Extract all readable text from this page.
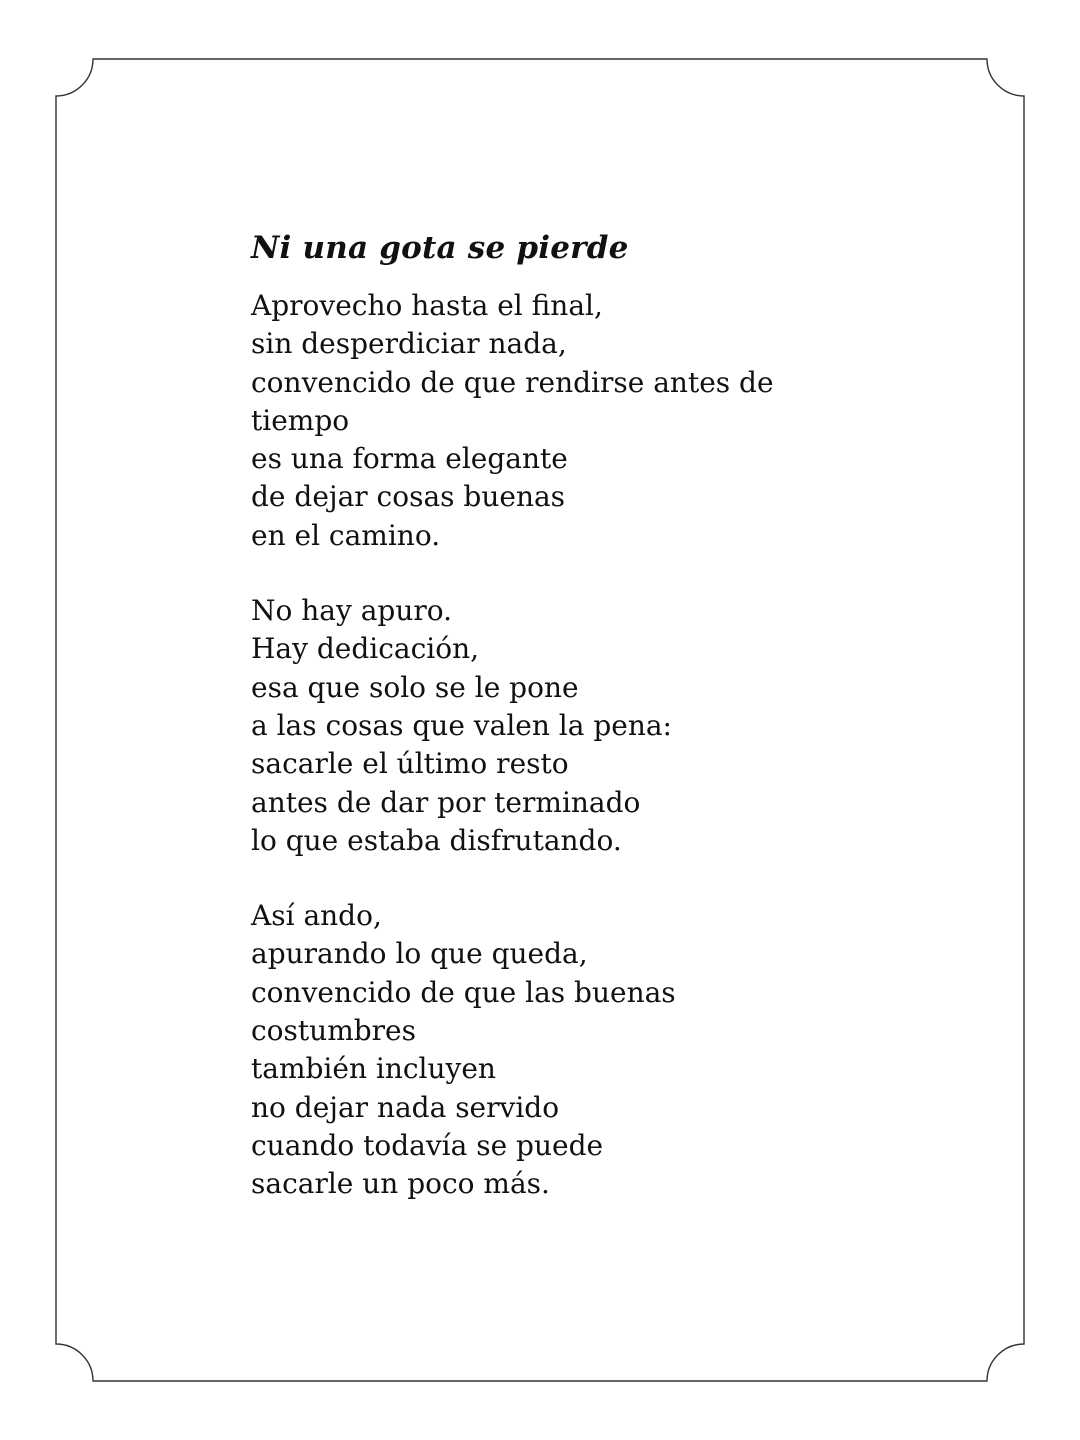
Ni una gota se pierde
Aprovecho hasta el final,
sin desperdiciar nada,
convencido de que rendirse antes de
tiempo
es una forma elegante
de dejar cosas buenas
en el camino.
No hay apuro.
Hay dedicación,
esa que solo se le pone
a las cosas que valen la pena:
sacarle el último resto
antes de dar por terminado
lo que estaba disfrutando.
Así ando,
apurando lo que queda,
convencido de que las buenas
costumbres
también incluyen
no dejar nada servido
cuando todavía se puede
sacarle un poco más.
